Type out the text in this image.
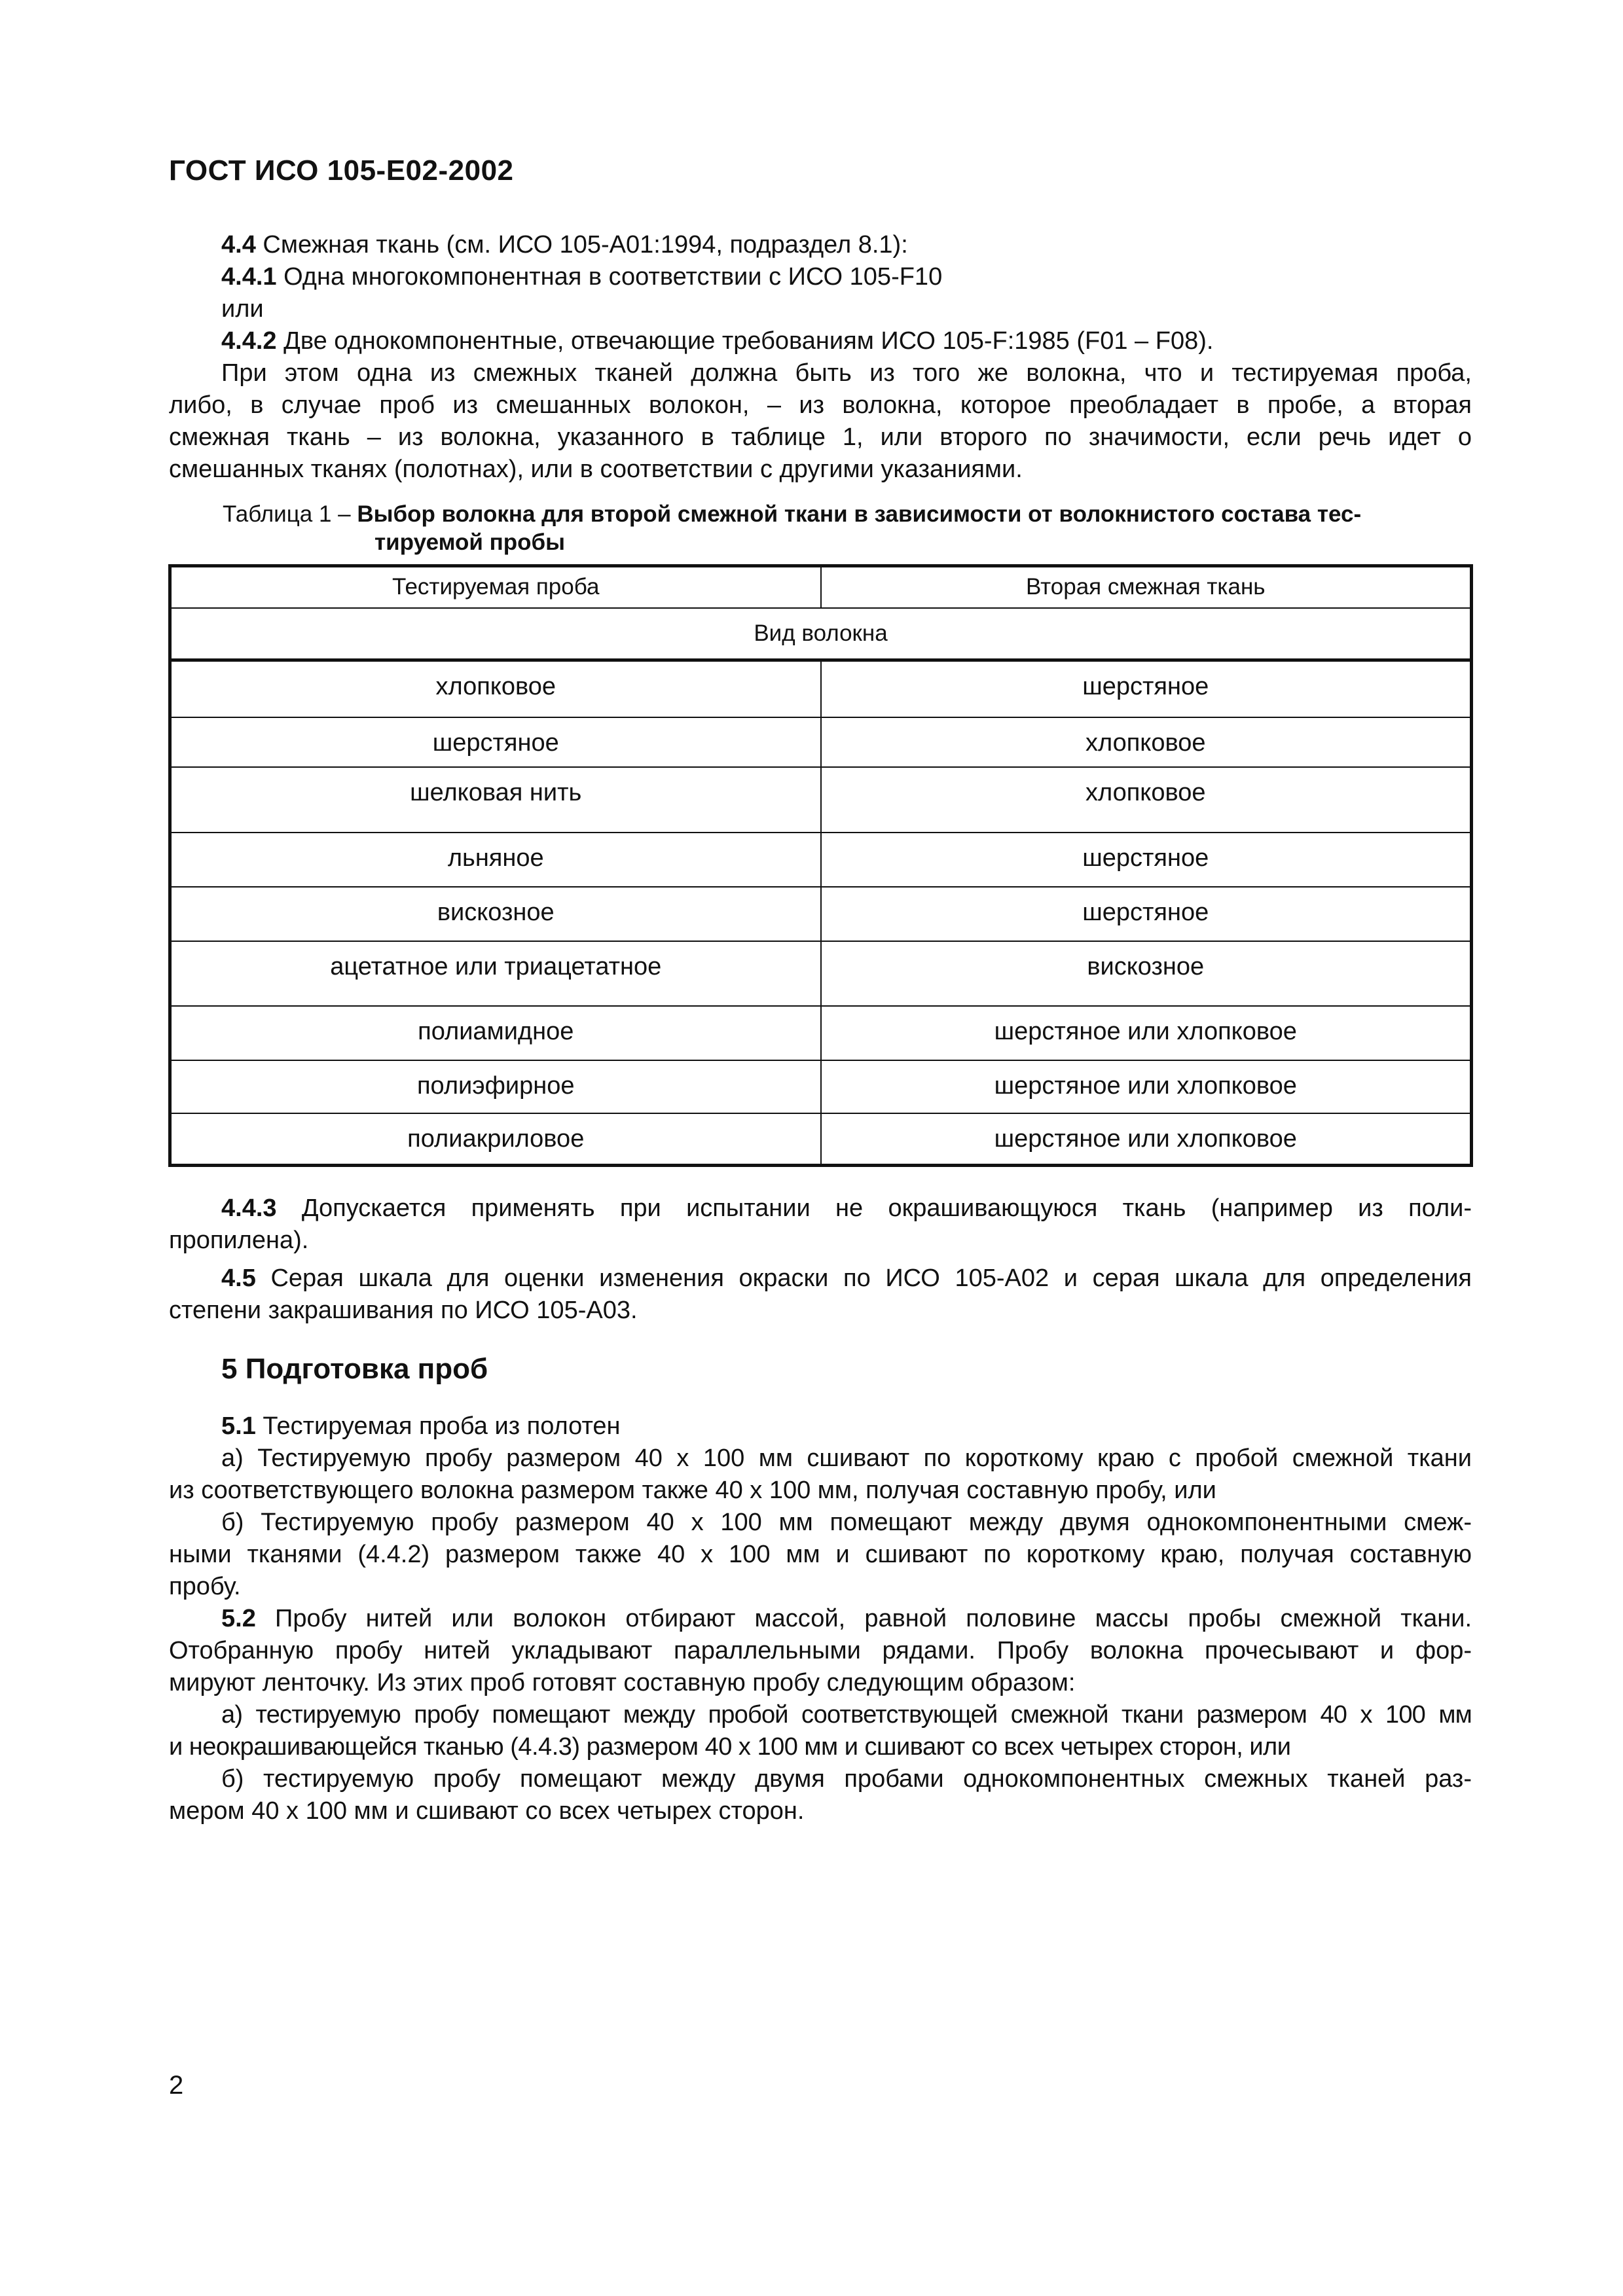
ГОСТ ИСО 105-Е02-2002
4.4 Смежная ткань (см. ИСО 105-А01:1994, подраздел 8.1):
4.4.1 Одна многокомпонентная в соответствии с ИСО 105-F10
или
4.4.2 Две однокомпонентные, отвечающие требованиям ИСО 105-F:1985 (F01 – F08).
При этом одна из смежных тканей должна быть из того же волокна, что и тестируемая проба,
либо, в случае проб из смешанных волокон, – из волокна, которое преобладает в пробе, а вторая
смежная ткань – из волокна, указанного в таблице 1, или второго по значимости, если речь идет о
смешанных тканях (полотнах), или в соответствии с другими указаниями.
Таблица 1 – Выбор волокна для второй смежной ткани в зависимости от волокнистого состава тес-
тируемой пробы
Тестируемая проба	Вторая смежная ткань
Вид волокна	
хлопковое	шерстяное
шерстяное	хлопковое
шелковая нить	хлопковое
льняное	шерстяное
вискозное	шерстяное
ацетатное или триацетатное	вискозное
полиамидное	шерстяное или хлопковое
полиэфирное	шерстяное или хлопковое
полиакриловое	шерстяное или хлопковое
4.4.3 Допускается применять при испытании не окрашивающуюся ткань (например из поли-
пропилена).
4.5 Серая шкала для оценки изменения окраски по ИСО 105-А02 и серая шкала для определения
степени закрашивания по ИСО 105-А03.
5 Подготовка проб
5.1 Тестируемая проба из полотен
а) Тестируемую пробу размером 40 х 100 мм сшивают по короткому краю с пробой смежной ткани
из соответствующего волокна размером также 40 х 100 мм, получая составную пробу, или
б) Тестируемую пробу размером 40 х 100 мм помещают между двумя однокомпонентными смеж-
ными тканями (4.4.2) размером также 40 х 100 мм и сшивают по короткому краю, получая составную
пробу.
5.2 Пробу нитей или волокон отбирают массой, равной половине массы пробы смежной ткани.
Отобранную пробу нитей укладывают параллельными рядами. Пробу волокна прочесывают и фор-
мируют ленточку. Из этих проб готовят составную пробу следующим образом:
а) тестируемую пробу помещают между пробой соответствующей смежной ткани размером 40 х 100 мм
и неокрашивающейся тканью (4.4.3) размером 40 х 100 мм и сшивают со всех четырех сторон, или
б) тестируемую пробу помещают между двумя пробами однокомпонентных смежных тканей раз-
мером 40 х 100 мм и сшивают со всех четырех сторон.
2
